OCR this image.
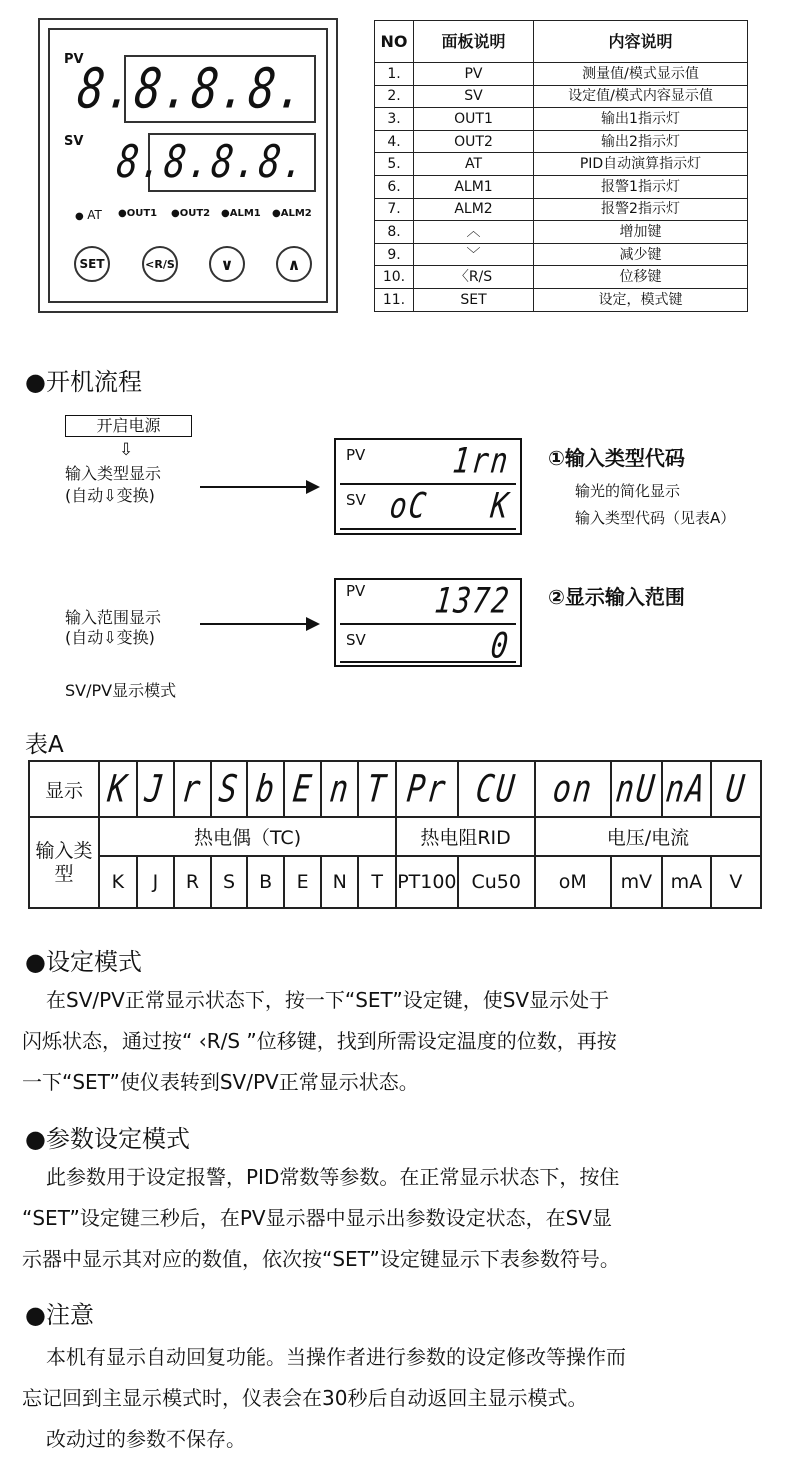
PV
8.8.8.8.
SV 8.8.8.8.
● AT ●OUT1 ●OUT2 ●ALM1 ●ALM2
SET	<R/S	∨	∧
NO	面板说明	内容说明
1.	PV	测量值/模式显示值
2.	SV	设定值/模式内容显示值
3.	OUT1	输出1指示灯
4.	OUT2	输出2指示灯
5.	AT	PID自动演算指示灯
6.	ALM1	报警1指示灯
7.	ALM2	报警2指示灯
8.	︿	增加键
9.	﹀	减少键
10.	〈R/S	位移键
11.	SET	设定，模式键
●开机流程
开启电源
⇩
输入类型显示
(自动⇩变换)
PV	1rn
SV oC K
①输入类型代码
输光的简化显示
输入类型代码（见表A）
输入范围显示
(自动⇩变换)
PV 1372
SV	0
②显示输入范围
SV/PV显示模式
表A
显示	K	J	r	S	b	E	n	T	Pr	CU	on	nU	nA	U
输入类型	热电偶（TC)								热电阻RID		电压/电流			
	K	J	R	S	B	E	N	T	PT100	Cu50	oM	mV	mA	V
●设定模式
在SV/PV正常显示状态下，按一下“SET”设定键，使SV显示处于
闪烁状态，通过按“ ‹R/S ”位移键，找到所需设定温度的位数，再按
一下“SET”使仪表转到SV/PV正常显示状态。
●参数设定模式
此参数用于设定报警，PID常数等参数。在正常显示状态下，按住
“SET”设定键三秒后，在PV显示器中显示出参数设定状态，在SV显
示器中显示其对应的数值，依次按“SET”设定键显示下表参数符号。
●注意
本机有显示自动回复功能。当操作者进行参数的设定修改等操作而
忘记回到主显示模式时，仪表会在30秒后自动返回主显示模式。
改动过的参数不保存。
